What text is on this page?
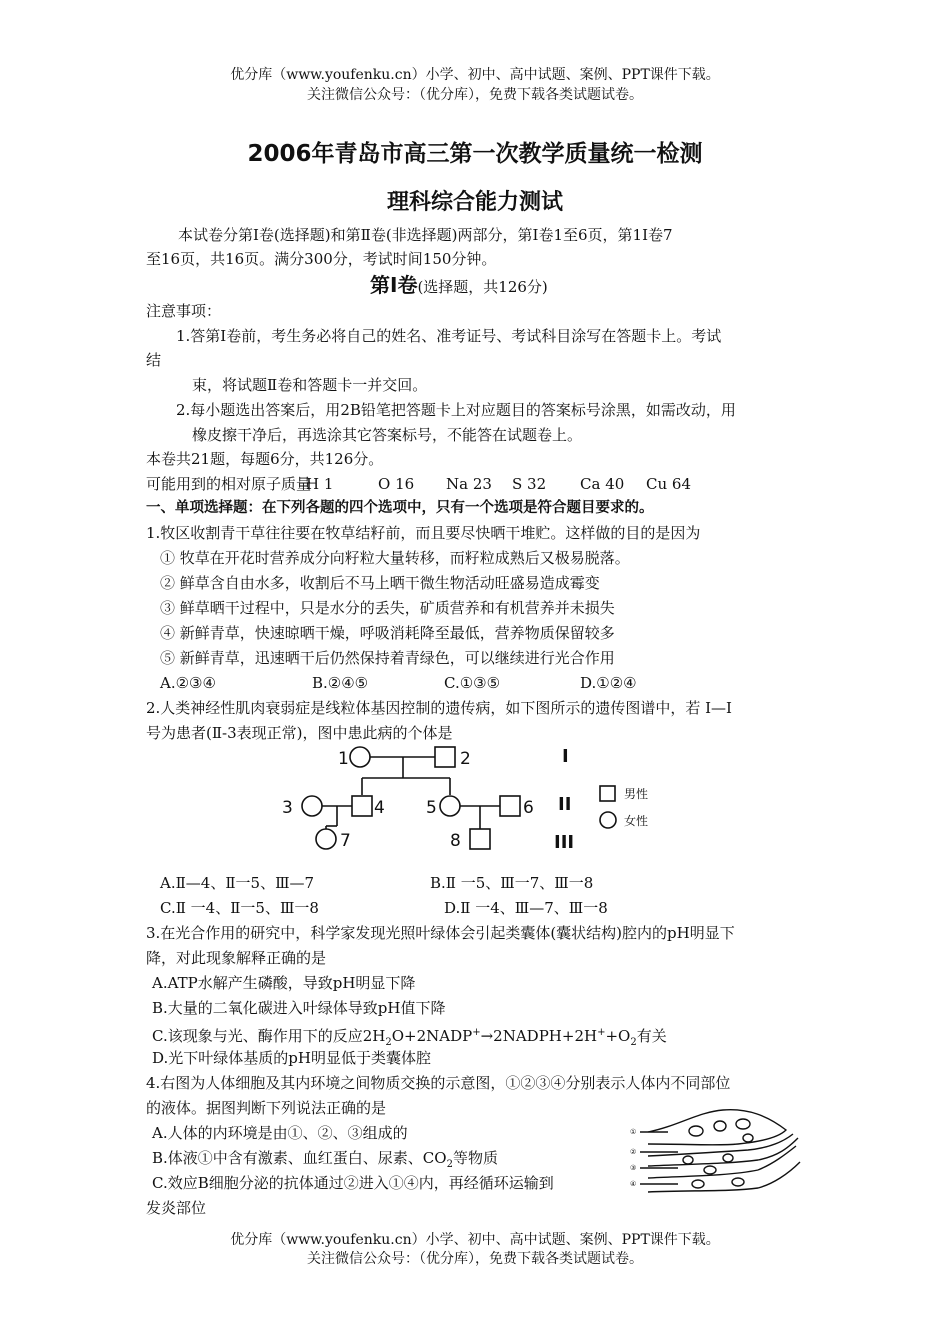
优分库（www.youfenku.cn）小学、初中、高中试题、案例、PPT课件下载。
关注微信公众号：（优分库），免费下载各类试题试卷。
2006年青岛市高三第一次教学质量统一检测
理科综合能力测试
本试卷分第Ⅰ卷(选择题)和第Ⅱ卷(非选择题)两部分，第Ⅰ卷1至6页，第1I卷7
至16页，共16页。满分300分，考试时间150分钟。
第Ⅰ卷(选择题，共126分)
注意事项：
1.答第Ⅰ卷前，考生务必将自己的姓名、准考证号、考试科目涂写在答题卡上。考试
结
束，将试题Ⅱ卷和答题卡一并交回。
2.每小题选出答案后，用2B铅笔把答题卡上对应题目的答案标号涂黑，如需改动，用
橡皮擦干净后，再选涂其它答案标号，不能答在试题卷上。
本卷共21题，每题6分，共126分。
可能用到的相对原子质量
H 1	O 16 Na 23 S 32 Ca 40 Cu 64
一、单项选择题：在下列各题的四个选项中，只有一个选项是符合题目要求的。
1.牧区收割青干草往往要在牧草结籽前，而且要尽快晒干堆贮。这样做的目的是因为
① 牧草在开花时营养成分向籽粒大量转移，而籽粒成熟后又极易脱落。
② 鲜草含自由水多，收割后不马上晒干微生物活动旺盛易造成霉变
③ 鲜草晒干过程中，只是水分的丢失，矿质营养和有机营养并未损失
④ 新鲜青草，快速晾晒干燥，呼吸消耗降至最低，营养物质保留较多
⑤ 新鲜青草，迅速晒干后仍然保持着青绿色，可以继续进行光合作用
A.②③④	B.②④⑤	C.①③⑤	D.①②④
2.人类神经性肌肉衰弱症是线粒体基因控制的遗传病，如下图所示的遗传图谱中，若 I—I
号为患者(Ⅱ-3表现正常)，图中患此病的个体是
1	2
3	4 5	6
7	8
I
II
III
男性
女性
A.Ⅱ—4、Ⅱ一5、Ⅲ—7	B.Ⅱ 一5、Ⅲ一7、Ⅲ一8
C.Ⅱ 一4、Ⅱ一5、Ⅲ一8	D.Ⅱ 一4、Ⅲ—7、Ⅲ一8
3.在光合作用的研究中，科学家发现光照叶绿体会引起类囊体(囊状结构)腔内的pH明显下
降，对此现象解释正确的是
A.ATP水解产生磷酸，导致pH明显下降
B.大量的二氧化碳进入叶绿体导致pH值下降
C.该现象与光、酶作用下的反应$2H_2O+2NADP^+\to 2NADPH+2H^++O_2$有关
D.光下叶绿体基质的pH明显低于类囊体腔
4.右图为人体细胞及其内环境之间物质交换的示意图，①②③④分别表示人体内不同部位
的液体。据图判断下列说法正确的是
A.人体的内环境是由①、②、③组成的
B.体液①中含有激素、血红蛋白、尿素、$CO_2$等物质
C.效应B细胞分泌的抗体通过②进入①④内，再经循环运输到
发炎部位
①
②
③
④
优分库（www.youfenku.cn）小学、初中、高中试题、案例、PPT课件下载。
关注微信公众号：（优分库），免费下载各类试题试卷。
